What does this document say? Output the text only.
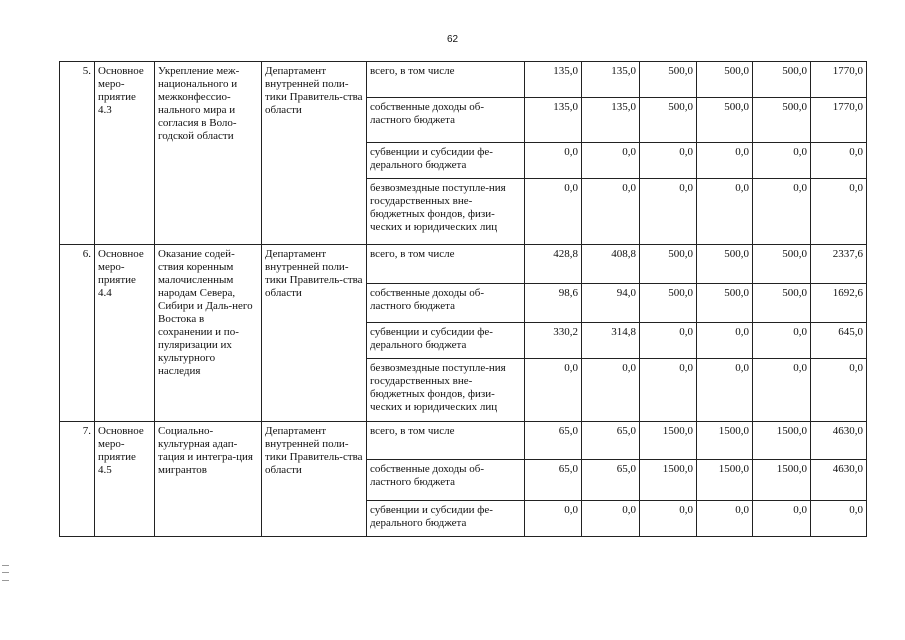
62
5.	Основное меро-приятие 4.3	Укрепление меж-национального и межконфессио-нального мира и согласия в Воло-годской области	Департамент внутренней поли-тики Правитель-ства области	всего, в том числе	135,0	135,0	500,0	500,0	500,0	1770,0
				собственные доходы об-ластного бюджета	135,0	135,0	500,0	500,0	500,0	1770,0
				субвенции и субсидии фе-дерального бюджета	0,0	0,0	0,0	0,0	0,0	0,0
				безвозмездные поступле-ния государственных вне-бюджетных фондов, физи-ческих и юридических лиц	0,0	0,0	0,0	0,0	0,0	0,0
6.	Основное меро-приятие 4.4	Оказание содей-ствия коренным малочисленным народам Севера, Сибири и Даль-него Востока в сохранении и по-пуляризации их культурного наследия	Департамент внутренней поли-тики Правитель-ства области	всего, в том числе	428,8	408,8	500,0	500,0	500,0	2337,6
				собственные доходы об-ластного бюджета	98,6	94,0	500,0	500,0	500,0	1692,6
				субвенции и субсидии фе-дерального бюджета	330,2	314,8	0,0	0,0	0,0	645,0
				безвозмездные поступле-ния государственных вне-бюджетных фондов, физи-ческих и юридических лиц	0,0	0,0	0,0	0,0	0,0	0,0
7.	Основное меро-приятие 4.5	Социально-культурная адап-тация и интегра-ция мигрантов	Департамент внутренней поли-тики Правитель-ства области	всего, в том числе	65,0	65,0	1500,0	1500,0	1500,0	4630,0
				собственные доходы об-ластного бюджета	65,0	65,0	1500,0	1500,0	1500,0	4630,0
				субвенции и субсидии фе-дерального бюджета	0,0	0,0	0,0	0,0	0,0	0,0
